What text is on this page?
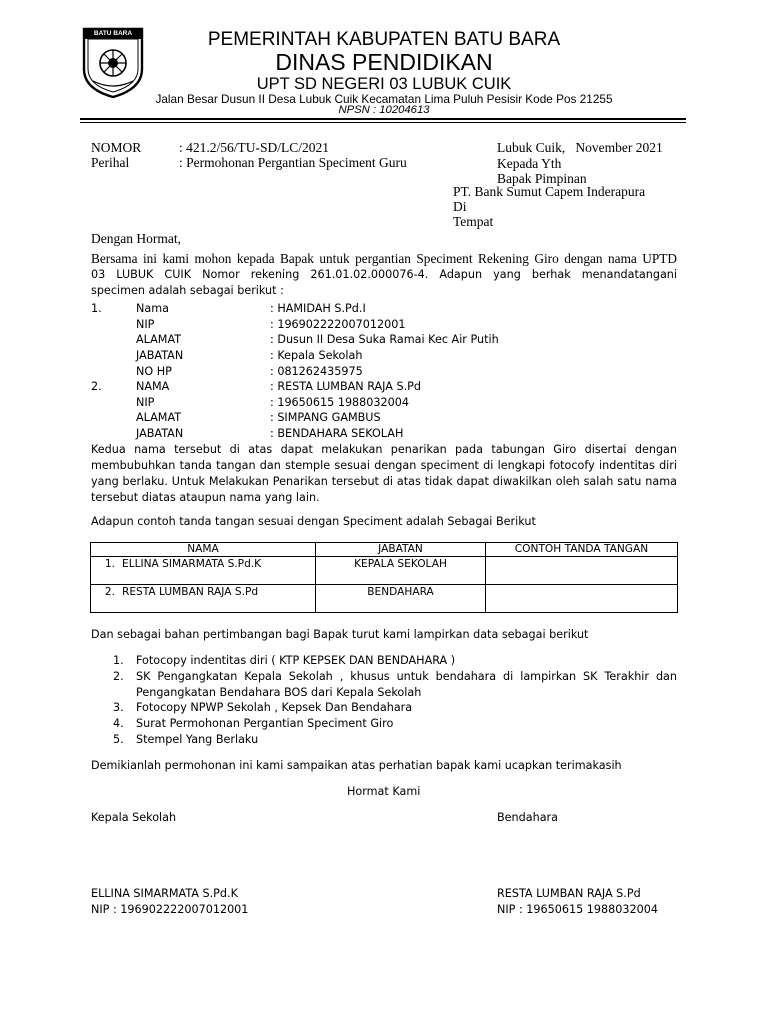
BATU BARA	PEMERINTAH KABUPATEN BATU BARA
DINAS PENDIDIKAN
UPT SD NEGERI 03 LUBUK CUIK
Jalan Besar Dusun II Desa Lubuk Cuik Kecamatan Lima Puluh Pesisir Kode Pos 21255
NPSN : 10204613
NOMOR	: 421.2/56/TU-SD/LC/2021
Perihal	: Permohonan Pergantian Speciment Guru
Lubuk Cuik,   November 2021
Kepada Yth
Bapak Pimpinan
PT. Bank Sumut Capem Inderapura
Di
Tempat
Dengan Hormat,
Bersama ini kami mohon kepada Bapak untuk pergantian Speciment Rekening Giro dengan nama UPTD
03 LUBUK CUIK Nomor rekening 261.01.02.000076-4. Adapun yang berhak menandatangani
specimen adalah sebagai berikut :
1.	Nama	: HAMIDAH S.Pd.I
NIP	: 196902222007012001
ALAMAT	: Dusun II Desa Suka Ramai Kec Air Putih
JABATAN	: Kepala Sekolah
NO HP	: 081262435975
2.	NAMA	: RESTA LUMBAN RAJA S.Pd
NIP	: 19650615 1988032004
ALAMAT	: SIMPANG GAMBUS
JABATAN	: BENDAHARA SEKOLAH
Kedua nama tersebut di atas dapat melakukan penarikan pada tabungan Giro disertai dengan
membubuhkan tanda tangan dan stemple sesuai dengan speciment di lengkapi fotocofy indentitas diri
yang berlaku. Untuk Melakukan Penarikan tersebut di atas tidak dapat diwakilkan oleh salah satu nama
tersebut diatas ataupun nama yang lain.
Adapun contoh tanda tangan sesuai dengan Speciment adalah Sebagai Berikut
NAMA	JABATAN	CONTOH TANDA TANGAN
1. ELLINA SIMARMATA S.Pd.K	KEPALA SEKOLAH	
2. RESTA LUMBAN RAJA S.Pd	BENDAHARA	
Dan sebagai bahan pertimbangan bagi Bapak turut kami lampirkan data sebagai berikut
1. Fotocopy indentitas diri ( KTP KEPSEK DAN BENDAHARA )
2. SK Pengangkatan Kepala Sekolah , khusus untuk bendahara di lampirkan SK Terakhir dan
Pengangkatan Bendahara BOS dari Kepala Sekolah
3. Fotocopy NPWP Sekolah , Kepsek Dan Bendahara
4. Surat Permohonan Pergantian Speciment Giro
5. Stempel Yang Berlaku
Demikianlah permohonan ini kami sampaikan atas perhatian bapak kami ucapkan terimakasih
Hormat Kami
Kepala Sekolah	Bendahara
ELLINA SIMARMATA S.Pd.K
NIP : 196902222007012001
RESTA LUMBAN RAJA S.Pd
NIP : 19650615 1988032004
